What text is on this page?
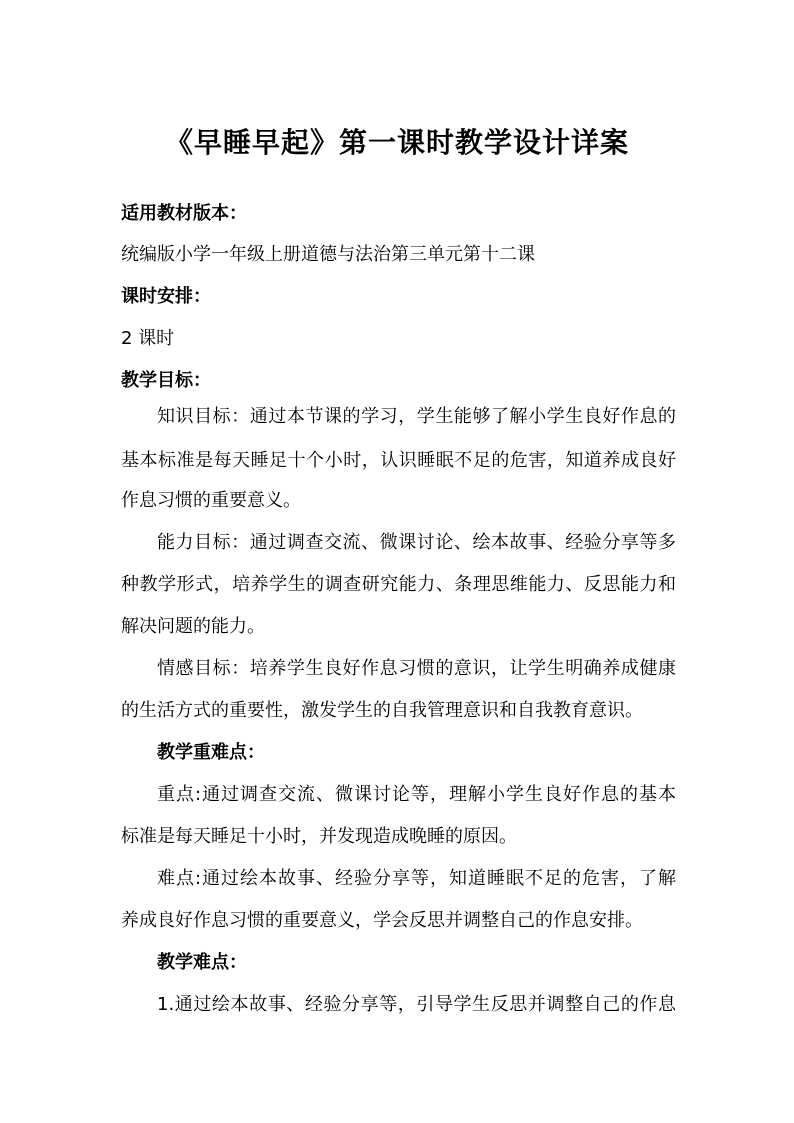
《早睡早起》第一课时教学设计详案
适用教材版本：
统编版小学一年级上册道德与法治第三单元第十二课
课时安排：
2 课时
教学目标：
知识目标：通过本节课的学习，学生能够了解小学生良好作息的
基本标准是每天睡足十个小时，认识睡眠不足的危害，知道养成良好
作息习惯的重要意义。
能力目标：通过调查交流、微课讨论、绘本故事、经验分享等多
种教学形式，培养学生的调查研究能力、条理思维能力、反思能力和
解决问题的能力。
情感目标：培养学生良好作息习惯的意识，让学生明确养成健康
的生活方式的重要性，激发学生的自我管理意识和自我教育意识。
教学重难点：
重点:通过调查交流、微课讨论等，理解小学生良好作息的基本
标准是每天睡足十小时，并发现造成晚睡的原因。
难点:通过绘本故事、经验分享等，知道睡眠不足的危害，了解
养成良好作息习惯的重要意义，学会反思并调整自己的作息安排。
教学难点：
1.通过绘本故事、经验分享等，引导学生反思并调整自己的作息
